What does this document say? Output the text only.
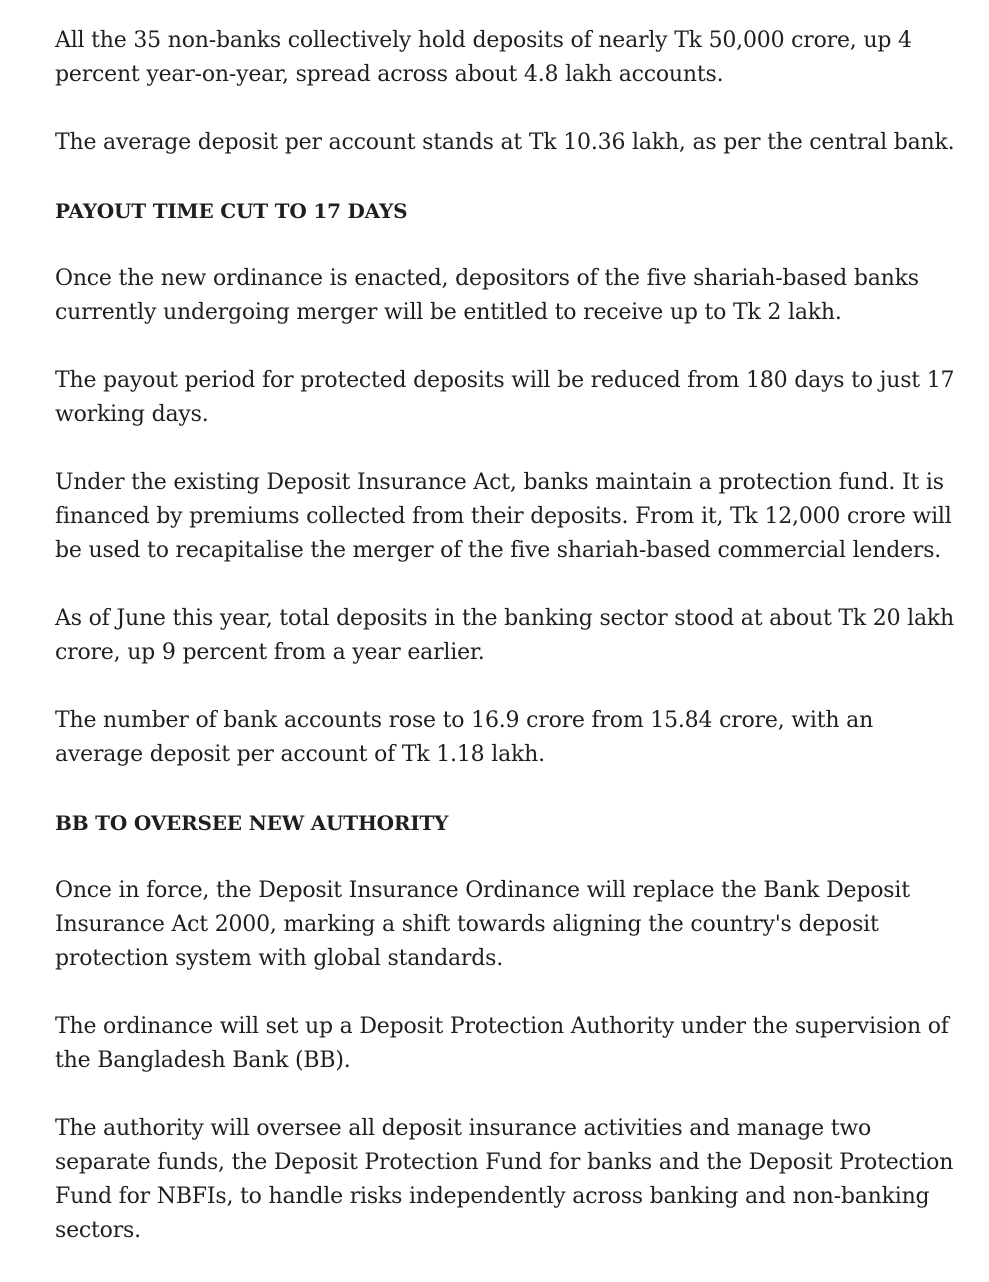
All the 35 non-banks collectively hold deposits of nearly Tk 50,000 crore, up 4 percent year-on-year, spread across about 4.8 lakh accounts.

The average deposit per account stands at Tk 10.36 lakh, as per the central bank.

PAYOUT TIME CUT TO 17 DAYS

Once the new ordinance is enacted, depositors of the five shariah-based banks currently undergoing merger will be entitled to receive up to Tk 2 lakh.

The payout period for protected deposits will be reduced from 180 days to just 17 working days.

Under the existing Deposit Insurance Act, banks maintain a protection fund. It is financed by premiums collected from their deposits. From it, Tk 12,000 crore will be used to recapitalise the merger of the five shariah-based commercial lenders.

As of June this year, total deposits in the banking sector stood at about Tk 20 lakh crore, up 9 percent from a year earlier.

The number of bank accounts rose to 16.9 crore from 15.84 crore, with an average deposit per account of Tk 1.18 lakh.

BB TO OVERSEE NEW AUTHORITY

Once in force, the Deposit Insurance Ordinance will replace the Bank Deposit Insurance Act 2000, marking a shift towards aligning the country's deposit protection system with global standards.

The ordinance will set up a Deposit Protection Authority under the supervision of the Bangladesh Bank (BB).

The authority will oversee all deposit insurance activities and manage two separate funds, the Deposit Protection Fund for banks and the Deposit Protection Fund for NBFIs, to handle risks independently across banking and non-banking sectors.
